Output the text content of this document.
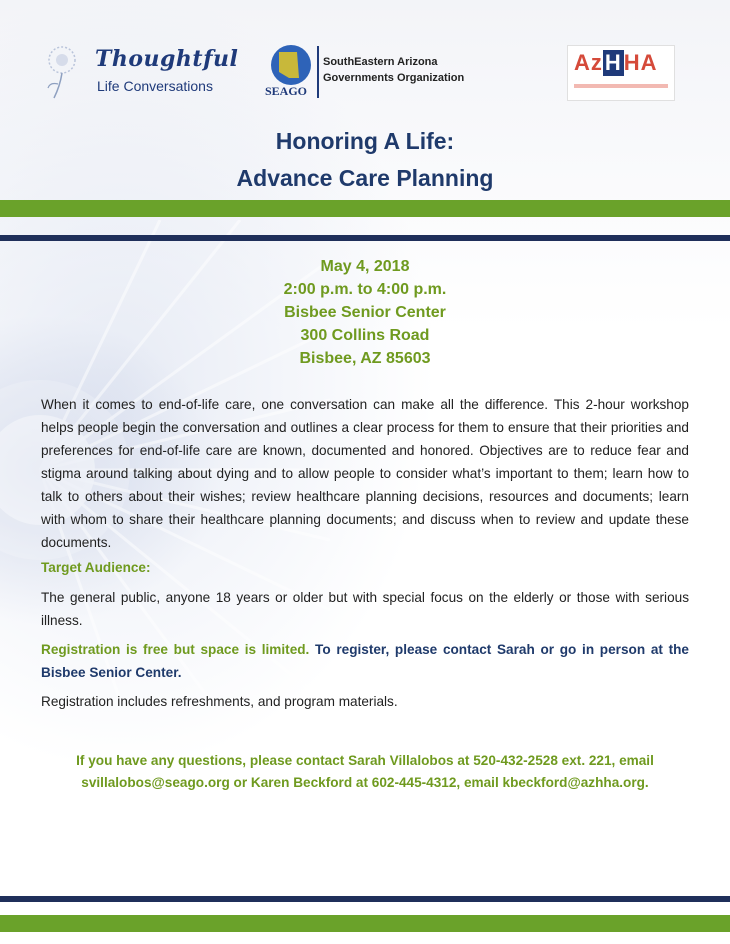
Thoughtful
Life Conversations	SEAGO
SouthEastern Arizona
Governments Organization
AzHHA
Honoring A Life:
Advance Care Planning
May 4, 2018
2:00 p.m. to 4:00 p.m.
Bisbee Senior Center
300 Collins Road
Bisbee, AZ 85603
When it comes to end-of-life care, one conversation can make all the difference. This 2-hour workshop helps people begin the conversation and outlines a clear process for them to ensure that their priorities and preferences for end-of-life care are known, documented and honored. Objectives are to reduce fear and stigma around talking about dying and to allow people to consider what’s important to them; learn how to talk to others about their wishes; review healthcare planning decisions, resources and documents; learn with whom to share their healthcare planning documents; and discuss when to review and update these documents.
Target Audience:
The general public, anyone 18 years or older but with special focus on the elderly or those with serious illness.
Registration is free but space is limited. To register, please contact Sarah or go in person at the Bisbee Senior Center.
Registration includes refreshments, and program materials.
If you have any questions, please contact Sarah Villalobos at 520-432-2528 ext. 221, email
svillalobos@seago.org or Karen Beckford at 602-445-4312, email kbeckford@azhha.org.
